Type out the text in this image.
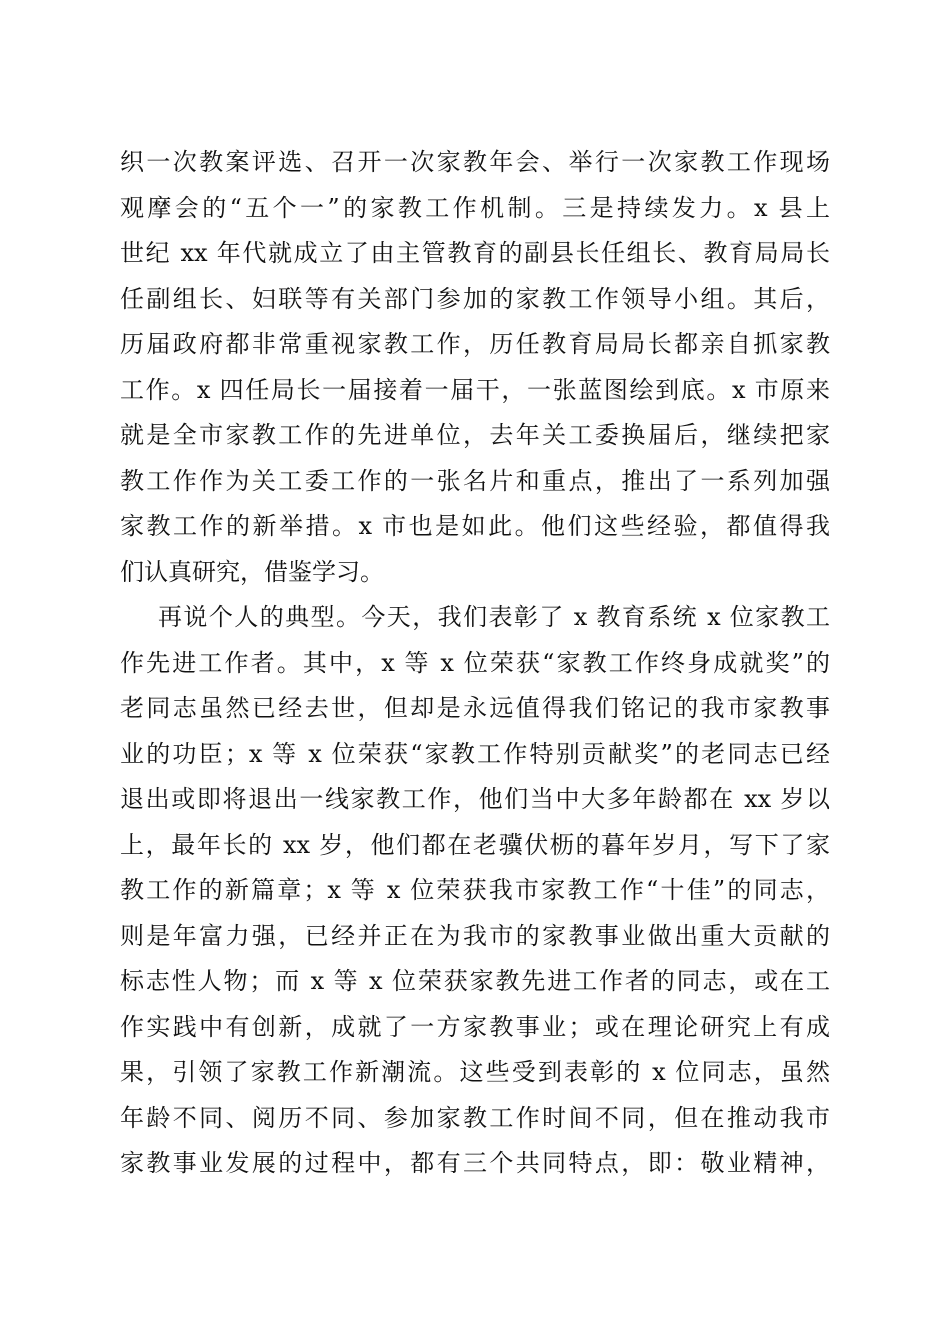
织一次教案评选、召开一次家教年会、举行一次家教工作现场
观摩会的“五个一”的家教工作机制。三是持续发力。x 县上
世纪 xx 年代就成立了由主管教育的副县长任组长、教育局局长
任副组长、妇联等有关部门参加的家教工作领导小组。其后，
历届政府都非常重视家教工作，历任教育局局长都亲自抓家教
工作。x 四任局长一届接着一届干，一张蓝图绘到底。x 市原来
就是全市家教工作的先进单位，去年关工委换届后，继续把家
教工作作为关工委工作的一张名片和重点，推出了一系列加强
家教工作的新举措。x 市也是如此。他们这些经验，都值得我
们认真研究，借鉴学习。
再说个人的典型。今天，我们表彰了 x 教育系统 x 位家教工
作先进工作者。其中，x 等 x 位荣获“家教工作终身成就奖”的
老同志虽然已经去世，但却是永远值得我们铭记的我市家教事
业的功臣；x 等 x 位荣获“家教工作特别贡献奖”的老同志已经
退出或即将退出一线家教工作，他们当中大多年龄都在 xx 岁以
上，最年长的 xx 岁，他们都在老骥伏枥的暮年岁月，写下了家
教工作的新篇章；x 等 x 位荣获我市家教工作“十佳”的同志，
则是年富力强，已经并正在为我市的家教事业做出重大贡献的
标志性人物；而 x 等 x 位荣获家教先进工作者的同志，或在工
作实践中有创新，成就了一方家教事业；或在理论研究上有成
果，引领了家教工作新潮流。这些受到表彰的 x 位同志，虽然
年龄不同、阅历不同、参加家教工作时间不同，但在推动我市
家教事业发展的过程中，都有三个共同特点，即：敬业精神，
